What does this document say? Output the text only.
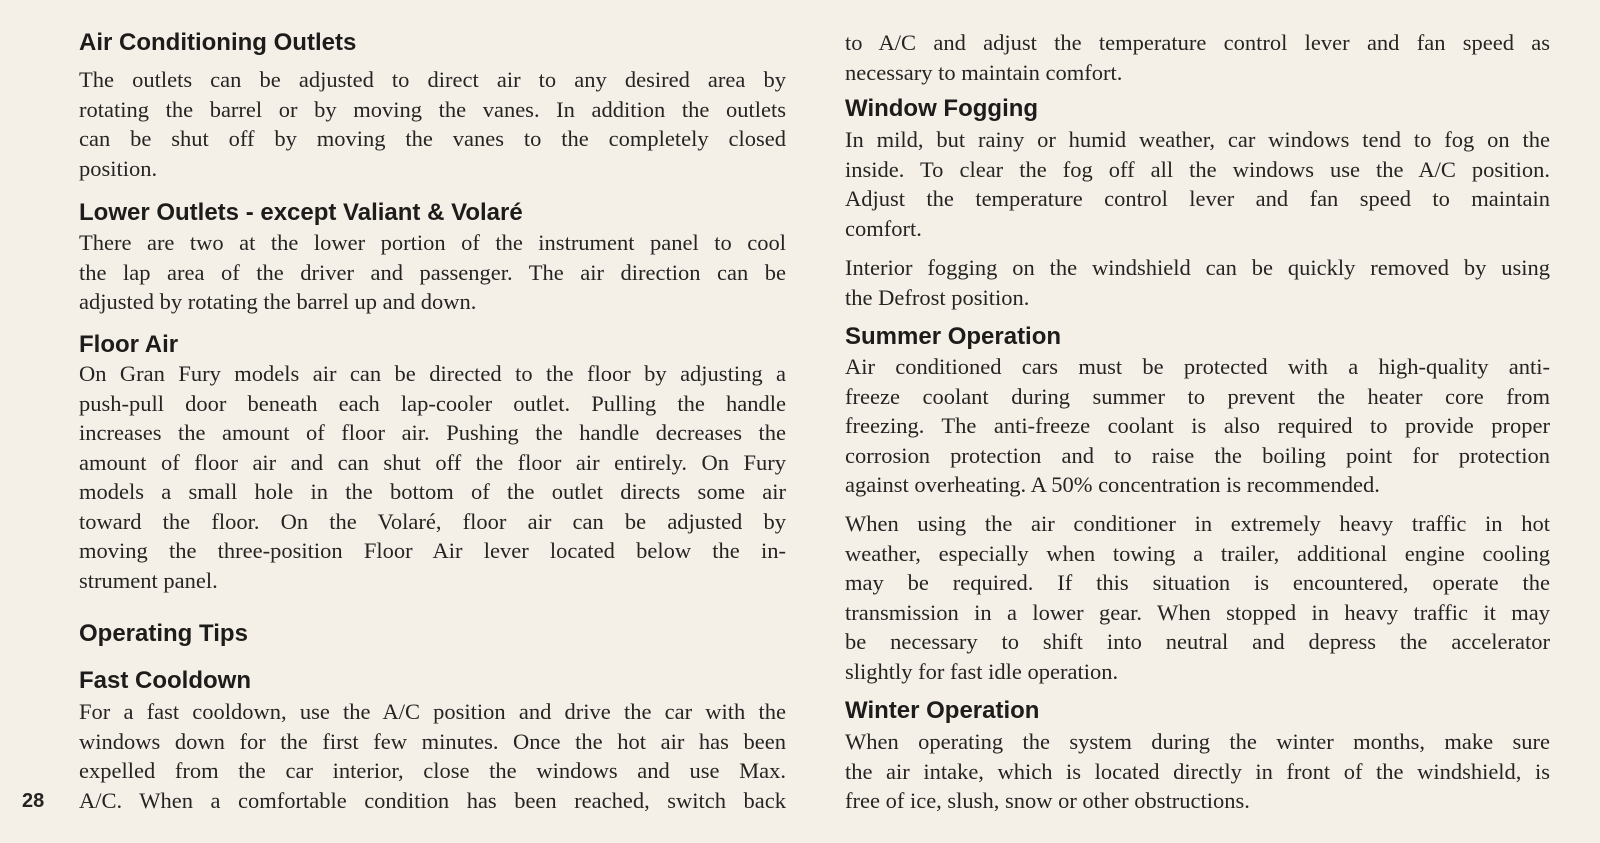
28
Air Conditioning Outlets
The outlets can be adjusted to direct air to any desired area by
rotating the barrel or by moving the vanes. In addition the outlets
can be shut off by moving the vanes to the completely closed
position.
Lower Outlets - except Valiant & Volaré
There are two at the lower portion of the instrument panel to cool
the lap area of the driver and passenger. The air direction can be
adjusted by rotating the barrel up and down.
Floor Air
On Gran Fury models air can be directed to the floor by adjusting a
push-pull door beneath each lap-cooler outlet. Pulling the handle
increases the amount of floor air. Pushing the handle decreases the
amount of floor air and can shut off the floor air entirely. On Fury
models a small hole in the bottom of the outlet directs some air
toward the floor. On the Volaré, floor air can be adjusted by
moving the three-position Floor Air lever located below the in-
strument panel.
Operating Tips
Fast Cooldown
For a fast cooldown, use the A/C position and drive the car with the
windows down for the first few minutes. Once the hot air has been
expelled from the car interior, close the windows and use Max.
A/C. When a comfortable condition has been reached, switch back
to A/C and adjust the temperature control lever and fan speed as
necessary to maintain comfort.
Window Fogging
In mild, but rainy or humid weather, car windows tend to fog on the
inside. To clear the fog off all the windows use the A/C position.
Adjust the temperature control lever and fan speed to maintain
comfort.
Interior fogging on the windshield can be quickly removed by using
the Defrost position.
Summer Operation
Air conditioned cars must be protected with a high-quality anti-
freeze coolant during summer to prevent the heater core from
freezing. The anti-freeze coolant is also required to provide proper
corrosion protection and to raise the boiling point for protection
against overheating. A 50% concentration is recommended.
When using the air conditioner in extremely heavy traffic in hot
weather, especially when towing a trailer, additional engine cooling
may be required. If this situation is encountered, operate the
transmission in a lower gear. When stopped in heavy traffic it may
be necessary to shift into neutral and depress the accelerator
slightly for fast idle operation.
Winter Operation
When operating the system during the winter months, make sure
the air intake, which is located directly in front of the windshield, is
free of ice, slush, snow or other obstructions.
